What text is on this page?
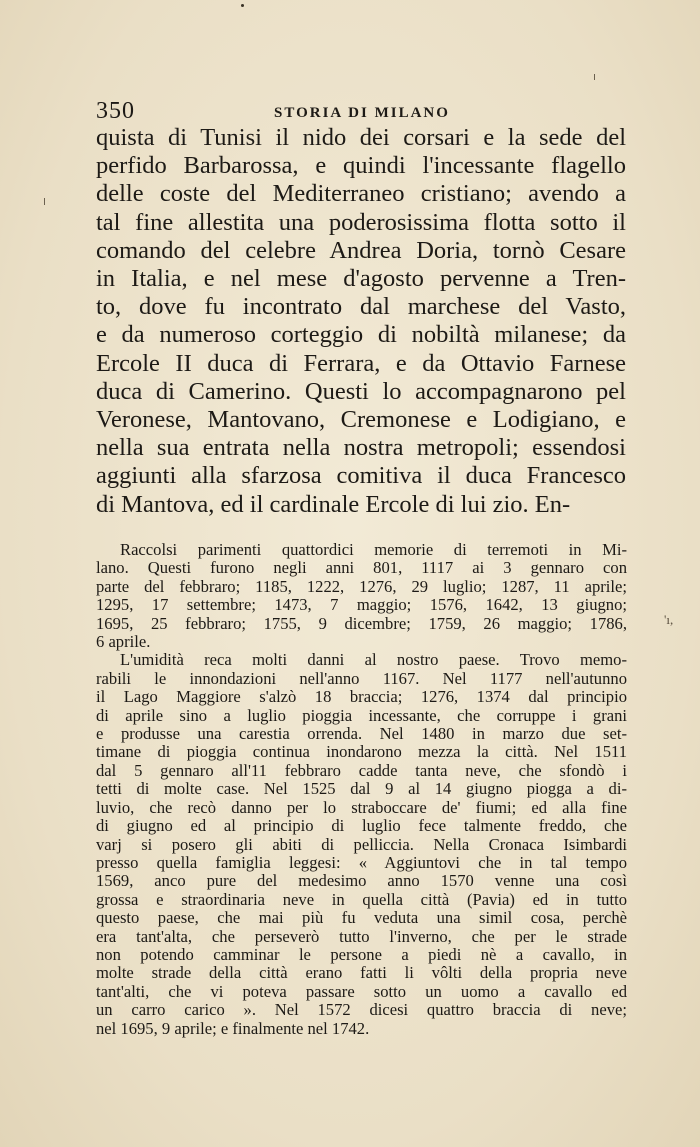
350	STORIA DI MILANO
quista di Tunisi il nido dei corsari e la sede del
perfido Barbarossa, e quindi l'incessante flagello
delle coste del Mediterraneo cristiano; avendo a
tal fine allestita una poderosissima flotta sotto il
comando del celebre Andrea Doria, tornò Cesare
in Italia, e nel mese d'agosto pervenne a Tren-
to, dove fu incontrato dal marchese del Vasto,
e da numeroso corteggio di nobiltà milanese; da
Ercole II duca di Ferrara, e da Ottavio Farnese
duca di Camerino. Questi lo accompagnarono pel
Veronese, Mantovano, Cremonese e Lodigiano, e
nella sua entrata nella nostra metropoli; essendosi
aggiunti alla sfarzosa comitiva il duca Francesco
di Mantova, ed il cardinale Ercole di lui zio. En-
Raccolsi parimenti quattordici memorie di terremoti in Mi-
lano. Questi furono negli anni 801, 1117 ai 3 gennaro con
parte del febbraro; 1185, 1222, 1276, 29 luglio; 1287, 11 aprile;
1295, 17 settembre; 1473, 7 maggio; 1576, 1642, 13 giugno;
1695, 25 febbraro; 1755, 9 dicembre; 1759, 26 maggio; 1786,
6 aprile.
L'umidità reca molti danni al nostro paese. Trovo memo-
rabili le innondazioni nell'anno 1167. Nel 1177 nell'autunno
il Lago Maggiore s'alzò 18 braccia; 1276, 1374 dal principio
di aprile sino a luglio pioggia incessante, che corruppe i grani
e produsse una carestia orrenda. Nel 1480 in marzo due set-
timane di pioggia continua inondarono mezza la città. Nel 1511
dal 5 gennaro all'11 febbraro cadde tanta neve, che sfondò i
tetti di molte case. Nel 1525 dal 9 al 14 giugno piogga a di-
luvio, che recò danno per lo straboccare de' fiumi; ed alla fine
di giugno ed al principio di luglio fece talmente freddo, che
varj si posero gli abiti di pelliccia. Nella Cronaca Isimbardi
presso quella famiglia leggesi: « Aggiuntovi che in tal tempo
1569, anco pure del medesimo anno 1570 venne una così
grossa e straordinaria neve in quella città (Pavia) ed in tutto
questo paese, che mai più fu veduta una simil cosa, perchè
era tant'alta, che perseverò tutto l'inverno, che per le strade
non potendo camminar le persone a piedi nè a cavallo, in
molte strade della città erano fatti li vôlti della propria neve
tant'alti, che vi poteva passare sotto un uomo a cavallo ed
un carro carico ». Nel 1572 dicesi quattro braccia di neve;
nel 1695, 9 aprile; e finalmente nel 1742.
'ı,
